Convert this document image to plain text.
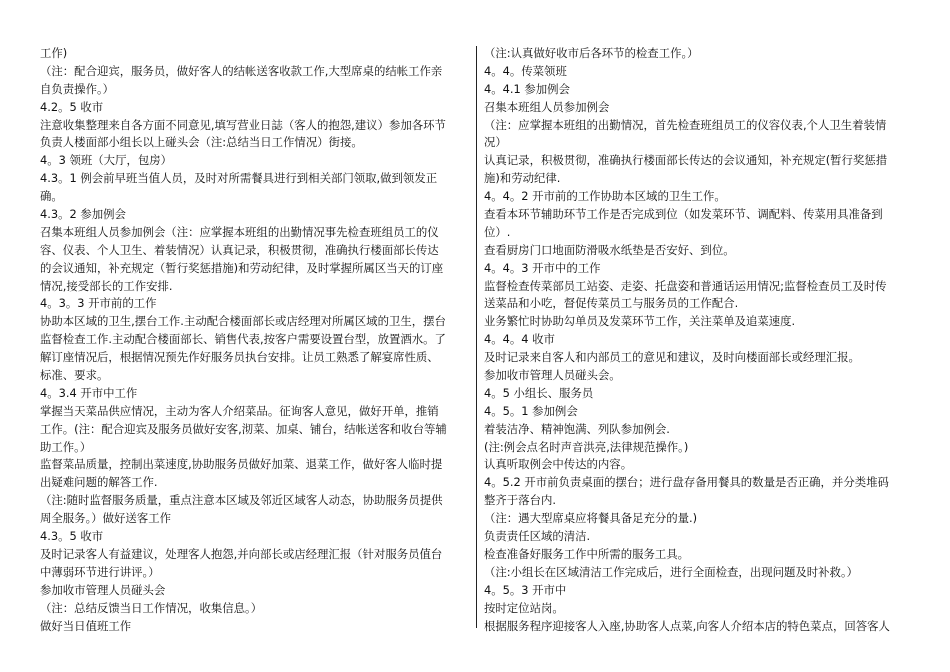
工作)
（注：配合迎宾，服务员，做好客人的结帐送客收款工作,大型席桌的结帐工作亲
自负责操作。）
4.2。5 收市
注意收集整理来自各方面不同意见,填写营业日誌（客人的抱怨,建议）参加各环节
负责人楼面部小组长以上碰头会（注:总结当日工作情况）街接。
4。3 领班（大厅，包房）
4.3。1 例会前早班当值人员，及时对所需餐具进行到相关部门领取,做到领发正
确。
4.3。2 参加例会
召集本班组人员参加例会（注：应掌握本班组的出勤情况事先检查班组员工的仪
容、仪表、个人卫生、着装情况）认真记录，积极贯彻，准确执行楼面部长传达
的会议通知，补充规定（暂行奖惩措施)和劳动纪律，及时掌握所属区当天的订座
情况,接受部长的工作安排.
4。3。3 开市前的工作
协助本区域的卫生,摆台工作.主动配合楼面部长或店经理对所属区域的卫生，摆台
监督检查工作.主动配合楼面部长、销售代表,按客户需要设置台型，放置酒水。了
解订座情况后，根据情况预先作好服务员执台安排。让员工熟悉了解宴席性质、
标准、要求。
4。3.4 开市中工作
掌握当天菜品供应情况，主动为客人介绍菜品。征询客人意见，做好开单，推销
工作。(注：配合迎宾及服务员做好安客,沏菜、加桌、铺台，结帐送客和收台等辅
助工作。）
监督菜品质量，控制出菜速度,协助服务员做好加菜、退菜工作，做好客人临时提
出疑难问题的解答工作.
（注:随时监督服务质量，重点注意本区域及邻近区域客人动态，协助服务员提供
周全服务。）做好送客工作
4.3。5 收市
及时记录客人有益建议，处理客人抱怨,并向部长或店经理汇报（针对服务员值台
中薄弱环节进行讲评。）
参加收市管理人员碰头会
（注：总结反馈当日工作情况，收集信息。）
做好当日值班工作
（注:认真做好收市后各环节的检查工作。）
4。4。传菜领班
4。4.1 参加例会
召集本班组人员参加例会
（注：应掌握本班组的出勤情况，首先检查班组员工的仪容仪表,个人卫生着装情
况）
认真记录，积极贯彻，准确执行楼面部长传达的会议通知，补充规定(暂行奖惩措
施)和劳动纪律.
4。4。2 开市前的工作协助本区域的卫生工作。
查看本环节辅助环节工作是否完成到位（如发菜环节、调配料、传菜用具准备到
位）.
查看厨房门口地面防滑吸水纸垫是否安好、到位。
4。4。3 开市中的工作
监督检查传菜部员工站姿、走姿、托盘姿和普通话运用情况;监督检查员工及时传
送菜品和小吃，督促传菜员工与服务员的工作配合.
业务繁忙时协助勾单员及发菜环节工作，关注菜单及追菜速度.
4。4。4 收市
及时记录来自客人和内部员工的意见和建议，及时向楼面部长或经理汇报。
参加收市管理人员碰头会。
4。5 小组长、服务员
4。5。1 参加例会
着装洁净、精神饱满、列队参加例会.
(注:例会点名时声音洪亮,法律规范操作。)
认真听取例会中传达的内容。
4。5.2 开市前负责桌面的摆台；进行盘存备用餐具的数量是否正确，并分类堆码
整齐于落台内.
（注：遇大型席桌应将餐具备足充分的量.)
负责责任区域的清洁.
检查准备好服务工作中所需的服务工具。
（注:小组长在区域清洁工作完成后，进行全面检查，出现问题及时补救。）
4。5。3 开市中
按时定位站岗。
根据服务程序迎接客人入座,协助客人点菜,向客人介绍本店的特色菜点，回答客人
